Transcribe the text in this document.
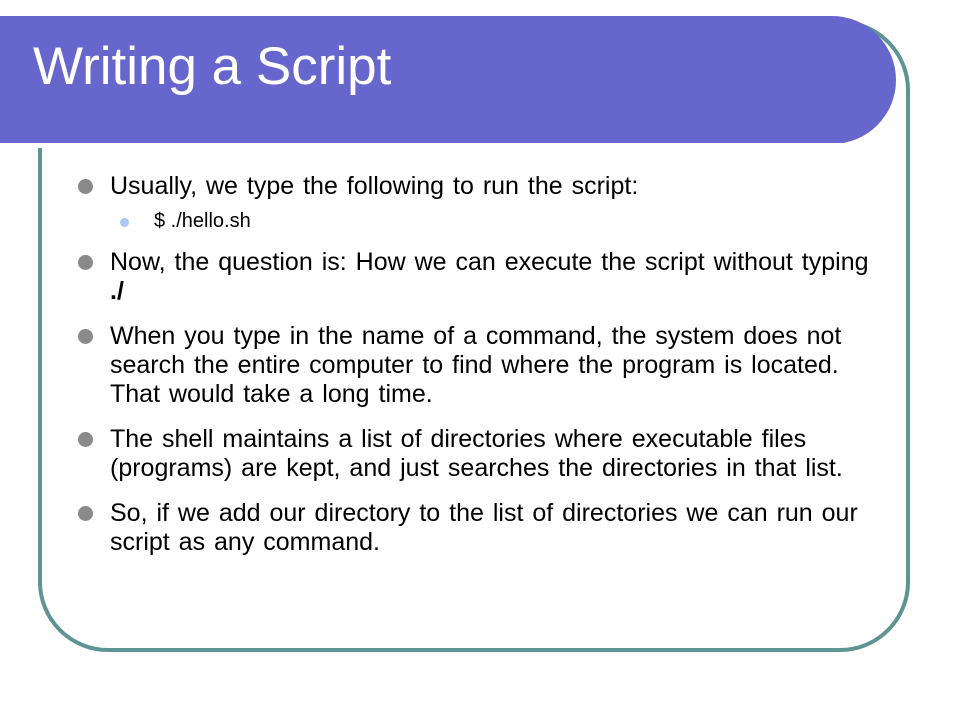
Writing a Script
Usually, we type the following to run the script:
$ ./hello.sh
Now, the question is: How we can execute the script without typing ./
When you type in the name of a command, the system does not search the entire computer to find where the program is located. That would take a long time.
The shell maintains a list of directories where executable files (programs) are kept, and just searches the directories in that list.
So, if we add our directory to the list of directories we can run our script as any command.
